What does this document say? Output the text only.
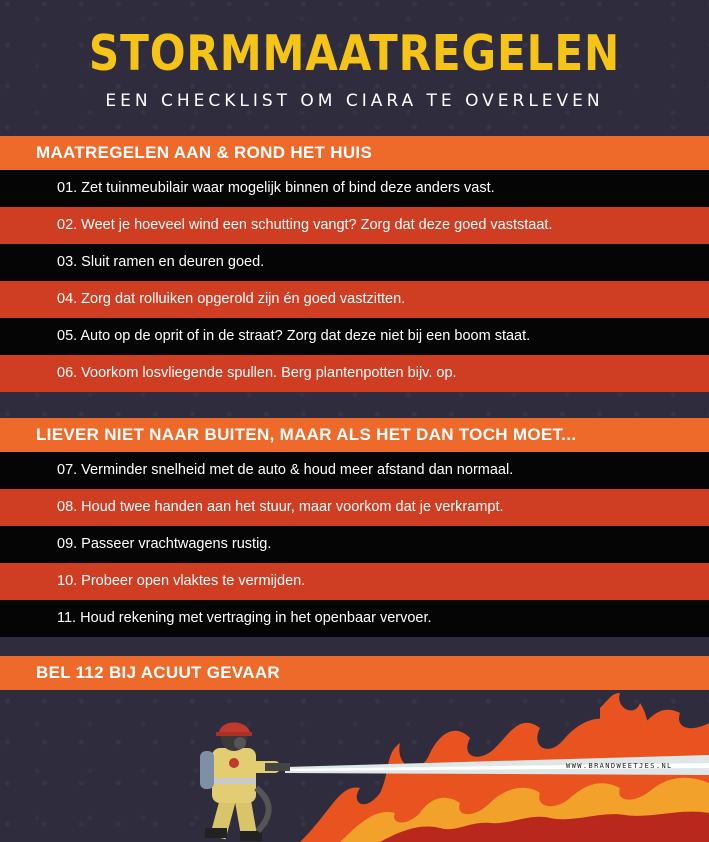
STORMMAATREGELEN
EEN CHECKLIST OM CIARA TE OVERLEVEN
MAATREGELEN AAN & ROND HET HUIS
01. Zet tuinmeubilair waar mogelijk binnen of bind deze anders vast.
02. Weet je hoeveel wind een schutting vangt? Zorg dat deze goed vaststaat.
03. Sluit ramen en deuren goed.
04. Zorg dat rolluiken opgerold zijn én goed vastzitten.
05. Auto op de oprit of in de straat? Zorg dat deze niet bij een boom staat.
06. Voorkom losvliegende spullen. Berg plantenpotten bijv. op.
LIEVER NIET NAAR BUITEN, MAAR ALS HET DAN TOCH MOET...
07. Verminder snelheid met de auto & houd meer afstand dan normaal.
08. Houd twee handen aan het stuur, maar voorkom dat je verkrampt.
09. Passeer vrachtwagens rustig.
10. Probeer open vlaktes te vermijden.
11. Houd rekening met vertraging in het openbaar vervoer.
BEL 112 BIJ ACUUT GEVAAR
WWW.BRANDWEETJES.NL
